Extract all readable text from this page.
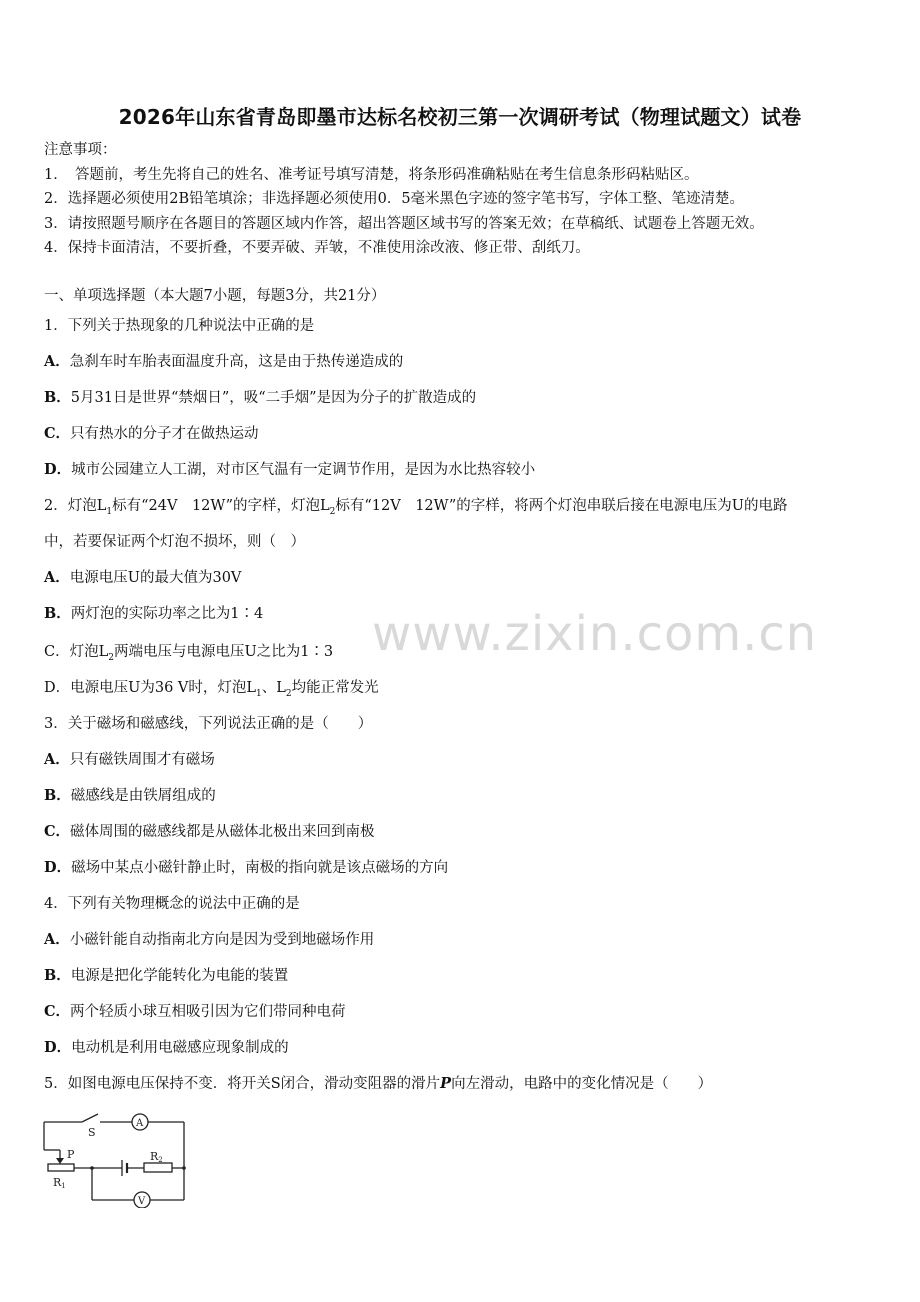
2026年山东省青岛即墨市达标名校初三第一次调研考试（物理试题文）试卷
注意事项：
1．　答题前，考生先将自己的姓名、准考证号填写清楚，将条形码准确粘贴在考生信息条形码粘贴区。
2．选择题必须使用2B铅笔填涂；非选择题必须使用0．5毫米黑色字迹的签字笔书写，字体工整、笔迹清楚。
3．请按照题号顺序在各题目的答题区域内作答，超出答题区域书写的答案无效；在草稿纸、试题卷上答题无效。
4．保持卡面清洁，不要折叠，不要弄破、弄皱，不准使用涂改液、修正带、刮纸刀。
一、单项选择题（本大题7小题，每题3分，共21分）
1．下列关于热现象的几种说法中正确的是
A．急刹车时车胎表面温度升高，这是由于热传递造成的
B．5月31日是世界“禁烟日”，吸“二手烟”是因为分子的扩散造成的
C．只有热水的分子才在做热运动
D．城市公园建立人工湖，对市区气温有一定调节作用，是因为水比热容较小
2．灯泡$L_1$标有“24V　12W”的字样，灯泡$L_2$标有“12V　12W”的字样，将两个灯泡串联后接在电源电压为U的电路
中，若要保证两个灯泡不损坏，则（　）
A．电源电压U的最大值为30V
B．两灯泡的实际功率之比为1∶4
C．灯泡$L_2$两端电压与电源电压U之比为1∶3
D．电源电压U为36 V时，灯泡$L_1$、$L_2$均能正常发光
3．关于磁场和磁感线，下列说法正确的是（　　）
A．只有磁铁周围才有磁场
B．磁感线是由铁屑组成的
C．磁体周围的磁感线都是从磁体北极出来回到南极
D．磁场中某点小磁针静止时，南极的指向就是该点磁场的方向
4．下列有关物理概念的说法中正确的是
A．小磁针能自动指南北方向是因为受到地磁场作用
B．电源是把化学能转化为电能的装置
C．两个轻质小球互相吸引因为它们带同种电荷
D．电动机是利用电磁感应现象制成的
5．如图电源电压保持不变．将开关S闭合，滑动变阻器的滑片P向左滑动，电路中的变化情况是（　　）
www.zixin.com.cn
S
A
V
P
R1
R2
